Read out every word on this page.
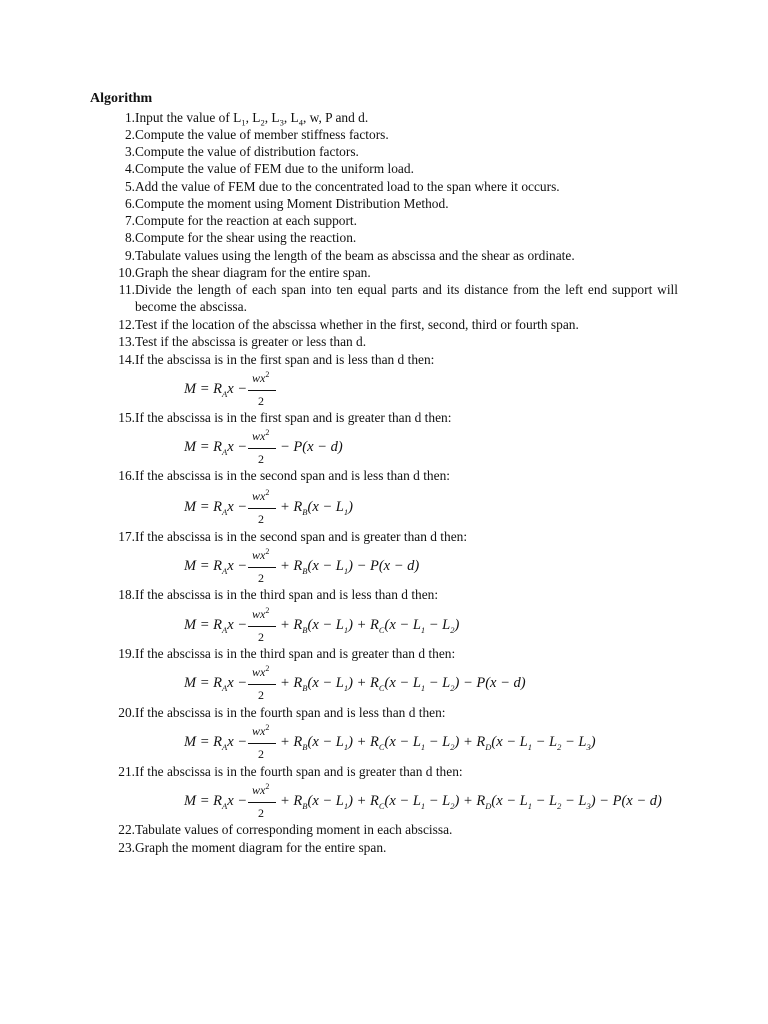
Algorithm
1. Input the value of $L_1$, $L_2$, $L_3$, $L_4$, w, P and d.
2. Compute the value of member stiffness factors.
3. Compute the value of distribution factors.
4. Compute the value of FEM due to the uniform load.
5. Add the value of FEM due to the concentrated load to the span where it occurs.
6. Compute the moment using Moment Distribution Method.
7. Compute for the reaction at each support.
8. Compute for the shear using the reaction.
9. Tabulate values using the length of the beam as abscissa and the shear as ordinate.
10. Graph the shear diagram for the entire span.
11. Divide the length of each span into ten equal parts and its distance from the left end support will become the abscissa.
12. Test if the location of the abscissa whether in the first, second, third or fourth span.
13. Test if the abscissa is greater or less than d.
14. If the abscissa is in the first span and is less than d then:
15. If the abscissa is in the first span and is greater than d then:
16. If the abscissa is in the second span and is less than d then:
17. If the abscissa is in the second span and is greater than d then:
18. If the abscissa is in the third span and is less than d then:
19. If the abscissa is in the third span and is greater than d then:
20. If the abscissa is in the fourth span and is less than d then:
21. If the abscissa is in the fourth span and is greater than d then:
22. Tabulate values of corresponding moment in each abscissa.
23. Graph the moment diagram for the entire span.
$M = R_Ax$ −
$wx^2$
2
$M = R_Ax$ −
$wx^2$
2
− P(x − d)
$M = R_Ax$ −
$wx^2$
2
+ $R_B(x - L_1)$
$M = R_Ax$ −
$wx^2$
2
+ $R_B(x - L_1) - P(x - d)$
$M = R_Ax$ −
$wx^2$
2
+ $R_B(x - L_1) + R_C(x - L_1 - L_2)$
$M = R_Ax$ −
$wx^2$
2
+ $R_B(x - L_1) + R_C(x - L_1 - L_2) - P(x - d)$
$M = R_Ax$ −
$wx^2$
2
+ $R_B(x - L_1) + R_C(x - L_1 - L_2) + R_D(x - L_1 - L_2 - L_3)$
$M = R_Ax$ −
$wx^2$
2
+ $R_B(x - L_1) + R_C(x - L_1 - L_2) + R_D(x - L_1 - L_2 - L_3) - P(x - d)$
